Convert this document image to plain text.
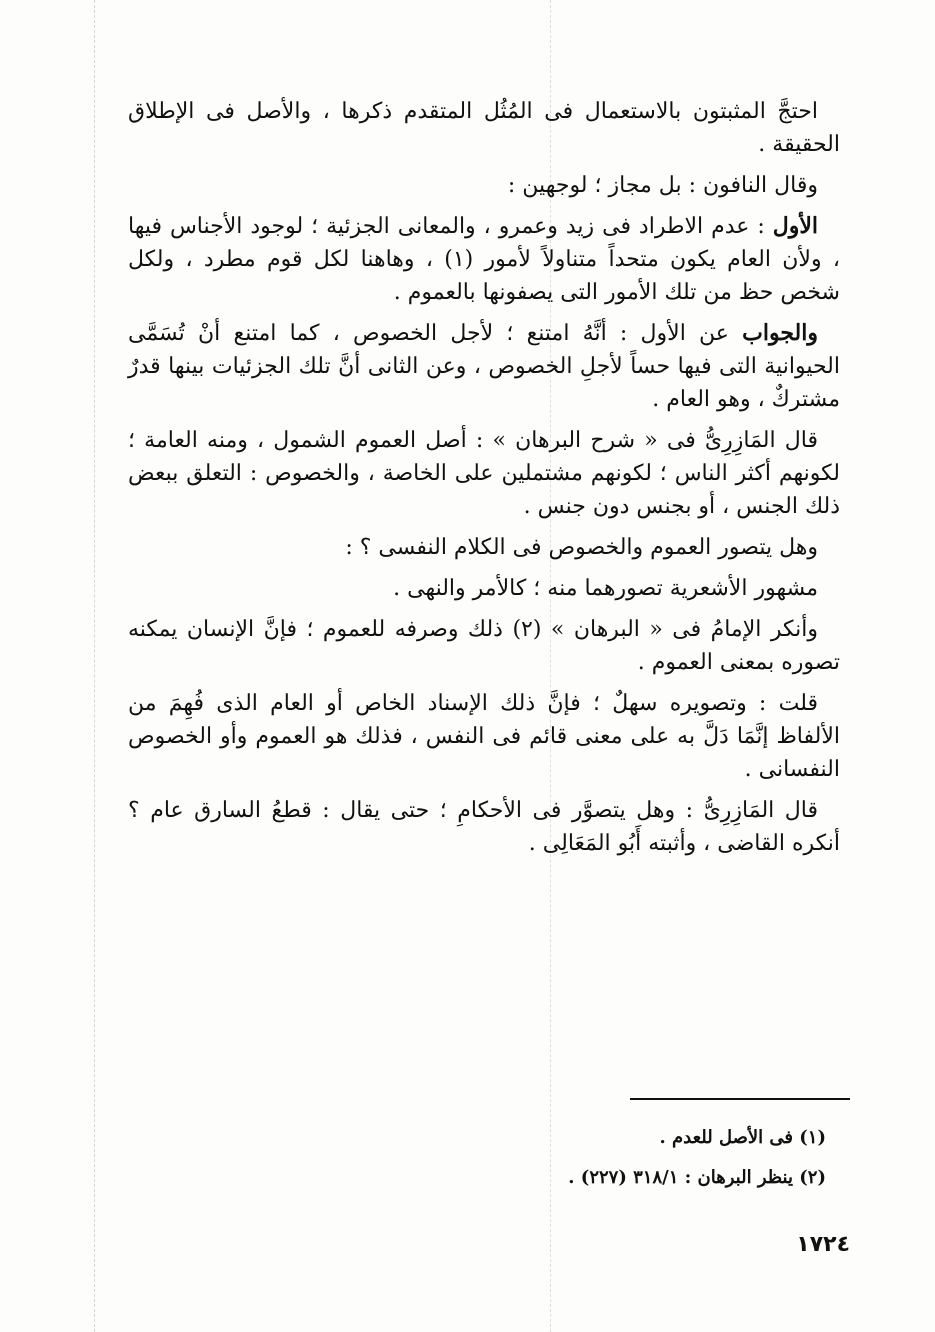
احتجَّ المثبتون بالاستعمال فى المُثُل المتقدم ذكرها ، والأصل فى الإطلاق الحقيقة .

وقال النافون : بل مجاز ؛ لوجهين :

الأول : عدم الاطراد فى زيد وعمرو ، والمعانى الجزئية ؛ لوجود الأجناس فيها ، ولأن العام يكون متحداً متناولاً لأمور (١) ، وهاهنا لكل قوم مطرد ، ولكل شخص حظ من تلك الأمور التى يصفونها بالعموم .

والجواب عن الأول : أنَّهُ امتنع ؛ لأجل الخصوص ، كما امتنع أنْ تُسَمَّى الحيوانية التى فيها حساً لأجلِ الخصوص ، وعن الثانى أنَّ تلك الجزئيات بينها قدرٌ مشتركٌ ، وهو العام .

قال المَازِرِىُّ فى « شرح البرهان » : أصل العموم الشمول ، ومنه العامة ؛ لكونهم أكثر الناس ؛ لكونهم مشتملين على الخاصة ، والخصوص : التعلق ببعض ذلك الجنس ، أو بجنس دون جنس .

وهل يتصور العموم والخصوص فى الكلام النفسى ؟ :

مشهور الأشعرية تصورهما منه ؛ كالأمر والنهى .

وأنكر الإمامُ فى « البرهان » (٢) ذلك وصرفه للعموم ؛ فإنَّ الإنسان يمكنه تصوره بمعنى العموم .

قلت : وتصويره سهلٌ ؛ فإنَّ ذلك الإسناد الخاص أو العام الذى فُهِمَ من الألفاظ إنَّمَا دَلَّ به على معنى قائم فى النفس ، فذلك هو العموم وأو الخصوص النفسانى .

قال المَازِرِىُّ : وهل يتصوَّر فى الأحكامِ ؛ حتى يقال : قطعُ السارق عام ؟ أنكره القاضى ، وأثبته أَبُو المَعَالِى .

(١) فى الأصل للعدم .

(٢) ينظر البرهان : ٣١٨/١ (٢٢٧) .

١٧٢٤
